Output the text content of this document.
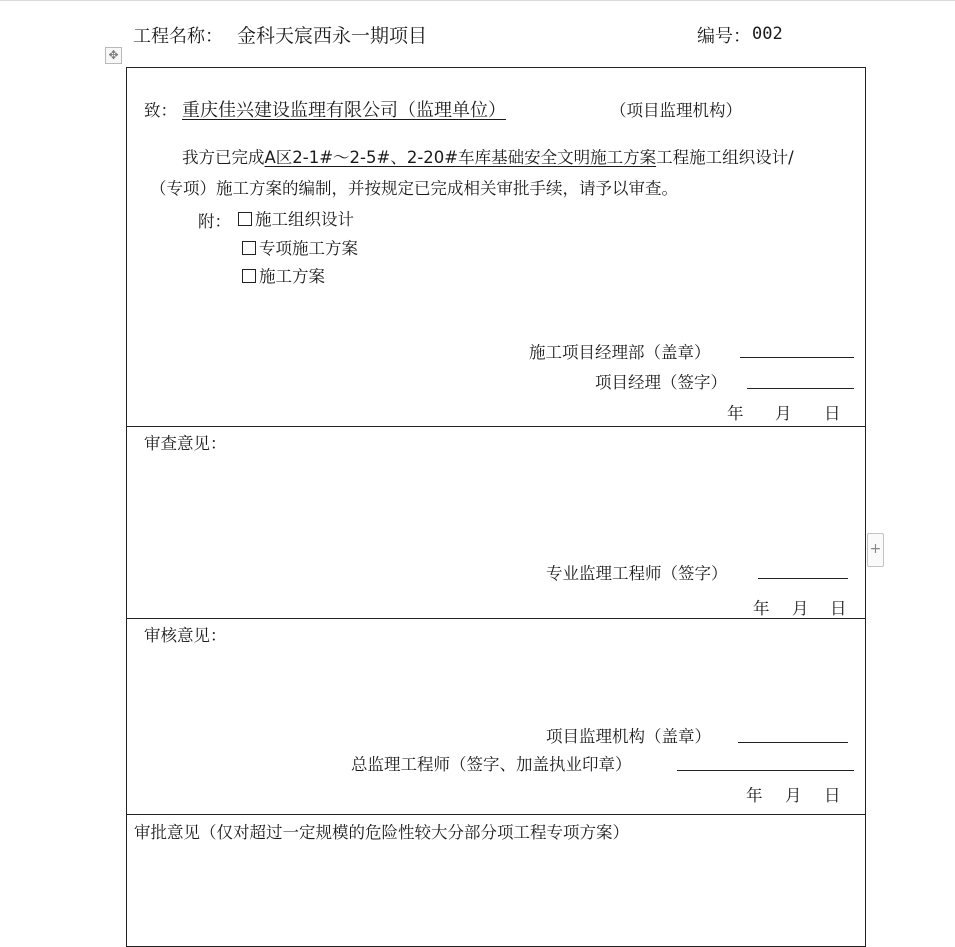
工程名称： 金科天宸西永一期项目	编号： 002
✥
+
致： 重庆佳兴建设监理有限公司（监理单位）	（项目监理机构）
我方已完成A区2-1#～2-5#、2-20#车库基础安全文明施工方案工程施工组织设计/
（专项）施工方案的编制，并按规定已完成相关审批手续，请予以审查。
附：	施工组织设计
专项施工方案
施工方案
施工项目经理部（盖章）
项目经理（签字）
年 月 日
审查意见：
专业监理工程师（签字）
年 月 日
审核意见：
项目监理机构（盖章）
总监理工程师（签字、加盖执业印章）
年 月 日
审批意见（仅对超过一定规模的危险性较大分部分项工程专项方案）
